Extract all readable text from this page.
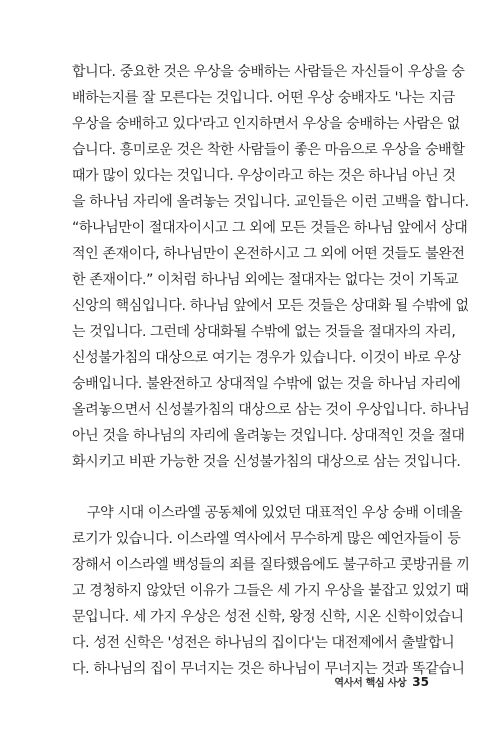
합니다. 중요한 것은 우상을 숭배하는 사람들은 자신들이 우상을 숭
배하는지를 잘 모른다는 것입니다. 어떤 우상 숭배자도 '나는 지금
우상을 숭배하고 있다'라고 인지하면서 우상을 숭배하는 사람은 없
습니다. 흥미로운 것은 착한 사람들이 좋은 마음으로 우상을 숭배할
때가 많이 있다는 것입니다. 우상이라고 하는 것은 하나님 아닌 것
을 하나님 자리에 올려놓는 것입니다. 교인들은 이런 고백을 합니다.
“하나님만이 절대자이시고 그 외에 모든 것들은 하나님 앞에서 상대
적인 존재이다, 하나님만이 온전하시고 그 외에 어떤 것들도 불완전
한 존재이다.” 이처럼 하나님 외에는 절대자는 없다는 것이 기독교
신앙의 핵심입니다. 하나님 앞에서 모든 것들은 상대화 될 수밖에 없
는 것입니다. 그런데 상대화될 수밖에 없는 것들을 절대자의 자리,
신성불가침의 대상으로 여기는 경우가 있습니다. 이것이 바로 우상
숭배입니다. 불완전하고 상대적일 수밖에 없는 것을 하나님 자리에
올려놓으면서 신성불가침의 대상으로 삼는 것이 우상입니다. 하나님
아닌 것을 하나님의 자리에 올려놓는 것입니다. 상대적인 것을 절대
화시키고 비판 가능한 것을 신성불가침의 대상으로 삼는 것입니다.
구약 시대 이스라엘 공동체에 있었던 대표적인 우상 숭배 이데올
로기가 있습니다. 이스라엘 역사에서 무수하게 많은 예언자들이 등
장해서 이스라엘 백성들의 죄를 질타했음에도 불구하고 콧방귀를 끼
고 경청하지 않았던 이유가 그들은 세 가지 우상을 붙잡고 있었기 때
문입니다. 세 가지 우상은 성전 신학, 왕정 신학, 시온 신학이었습니
다. 성전 신학은 '성전은 하나님의 집이다'는 대전제에서 출발합니
다. 하나님의 집이 무너지는 것은 하나님이 무너지는 것과 똑같습니
역사서 핵심 사상 35
